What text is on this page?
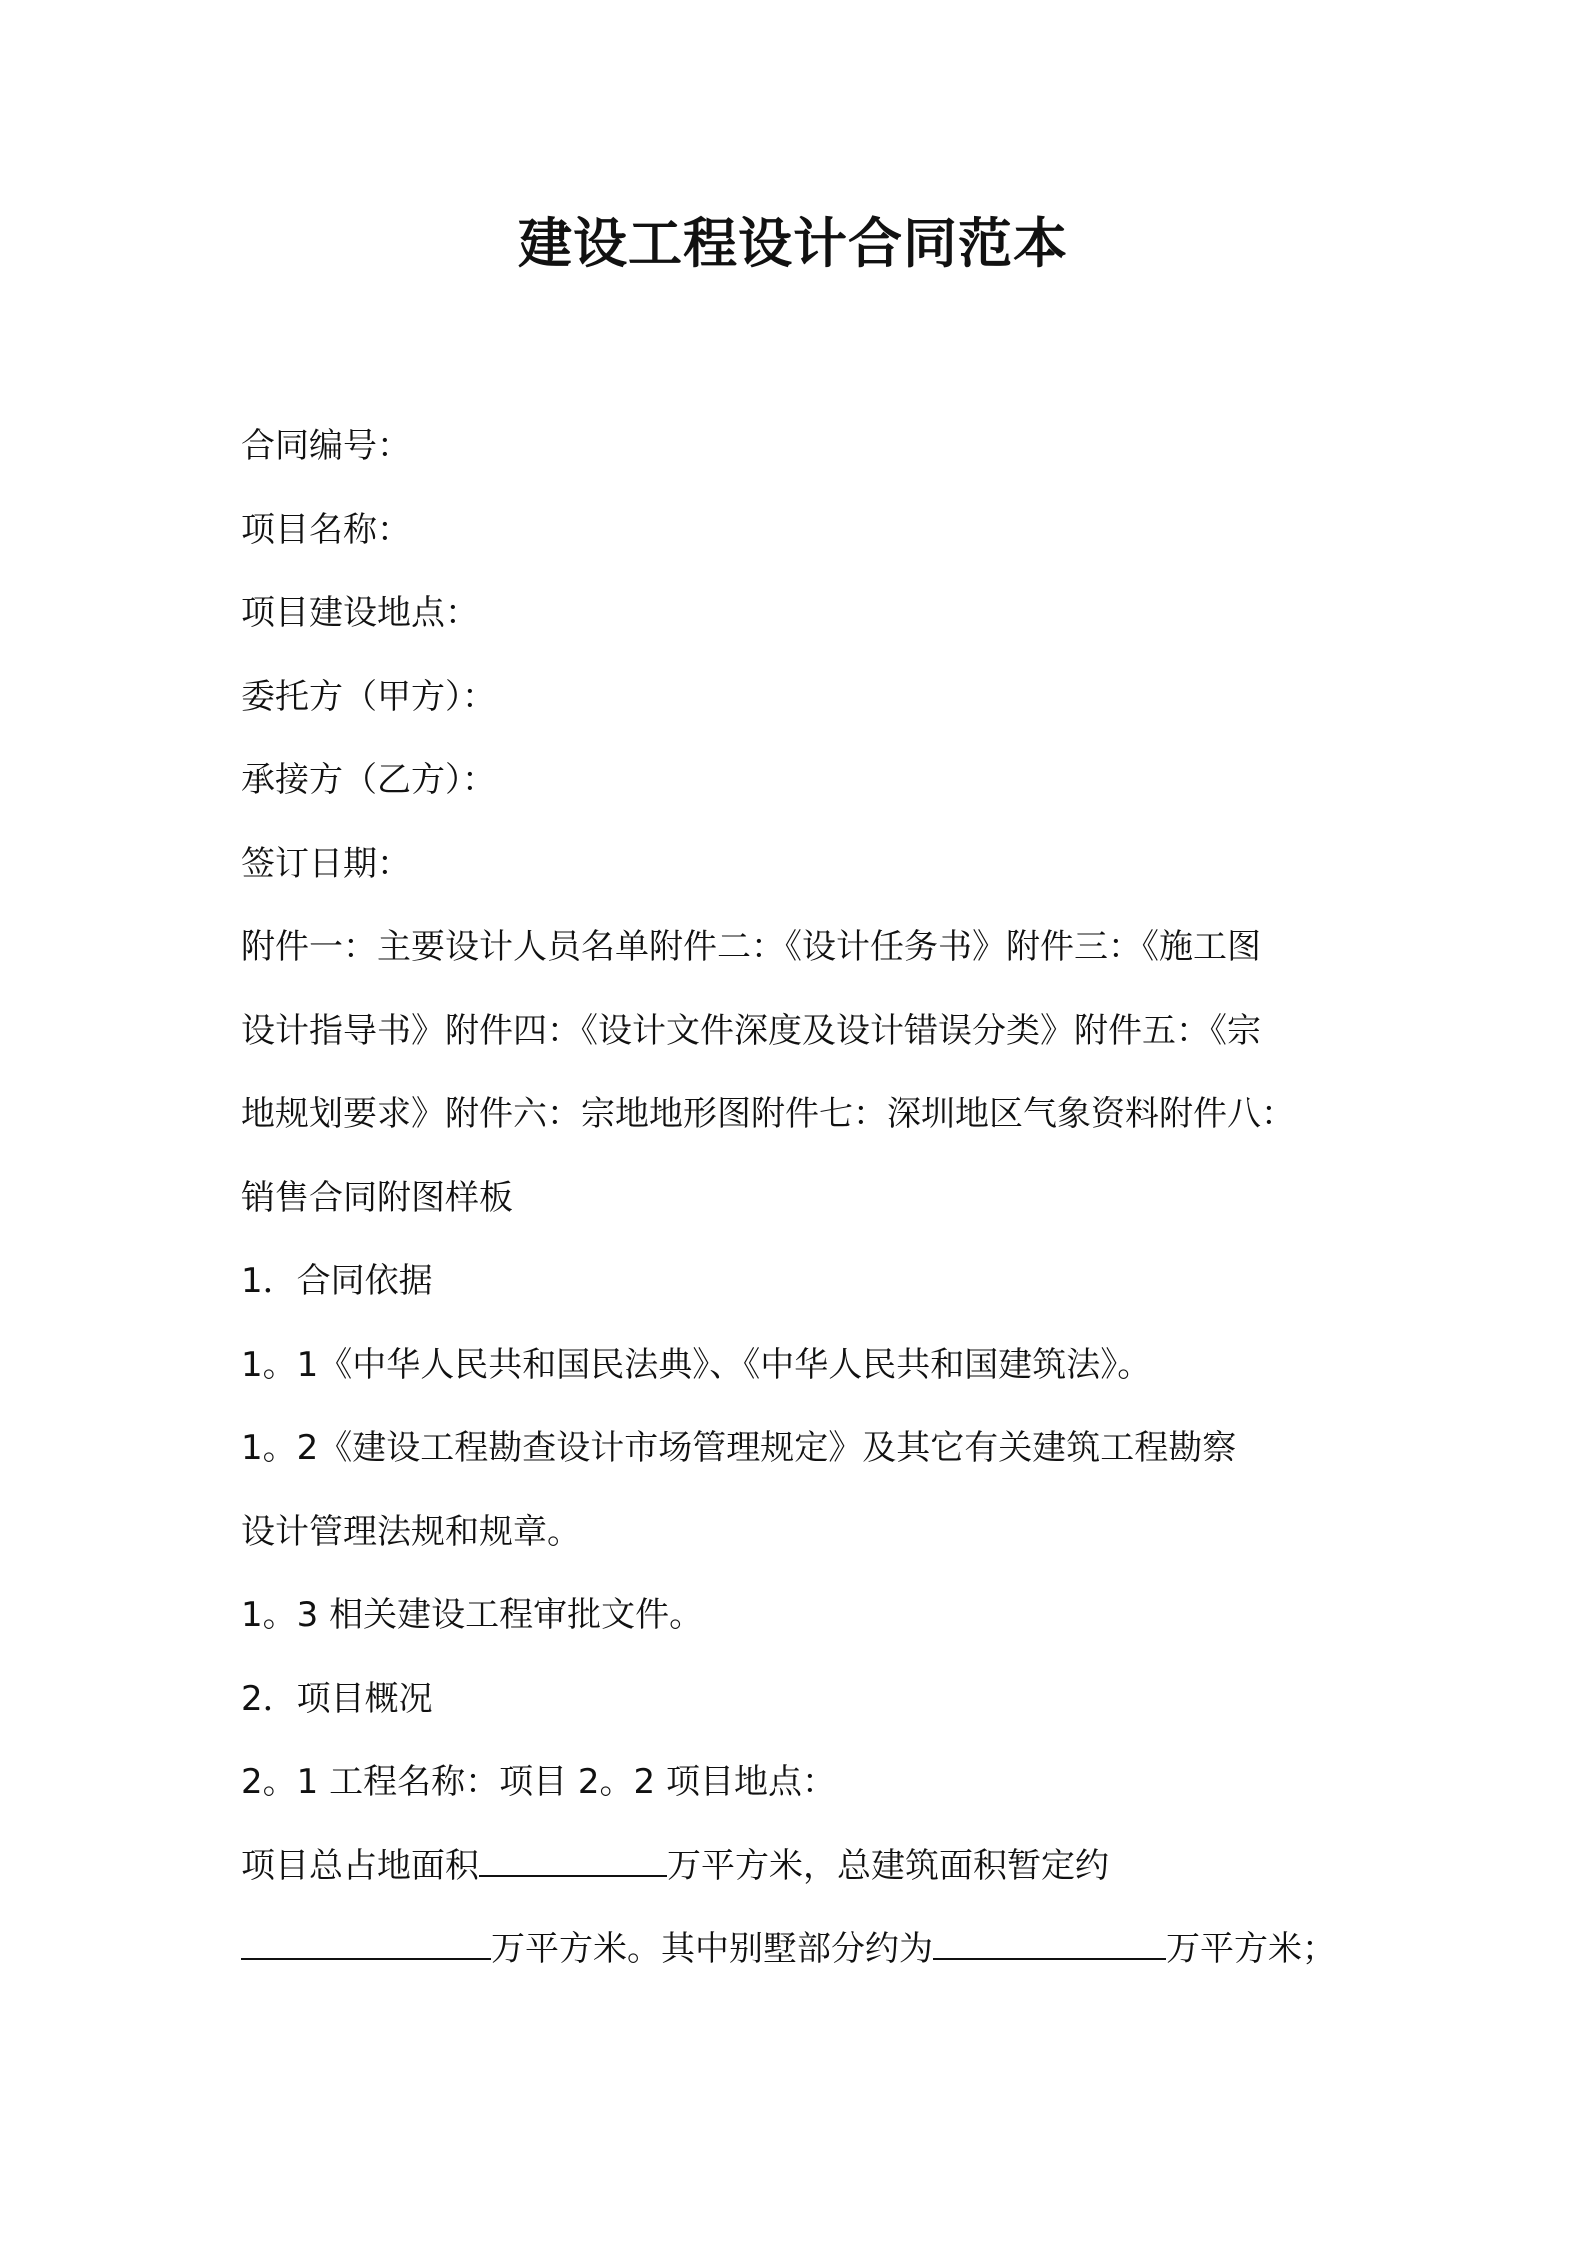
建设工程设计合同范本
合同编号：
项目名称：
项目建设地点：
委托方（甲方）：
承接方（乙方）：
签订日期：
附件一：主要设计人员名单附件二：《设计任务书》附件三：《施工图
设计指导书》附件四：《设计文件深度及设计错误分类》附件五：《宗
地规划要求》附件六：宗地地形图附件七：深圳地区气象资料附件八：
销售合同附图样板
1．合同依据
1。1《中华人民共和国民法典》、《中华人民共和国建筑法》。
1。2《建设工程勘查设计市场管理规定》及其它有关建筑工程勘察
设计管理法规和规章。
1。3 相关建设工程审批文件。
2．项目概况
2。1 工程名称：项目 2。2 项目地点：
项目总占地面积	万平方米，总建筑面积暂定约
万平方米。其中别墅部分约为	万平方米；
